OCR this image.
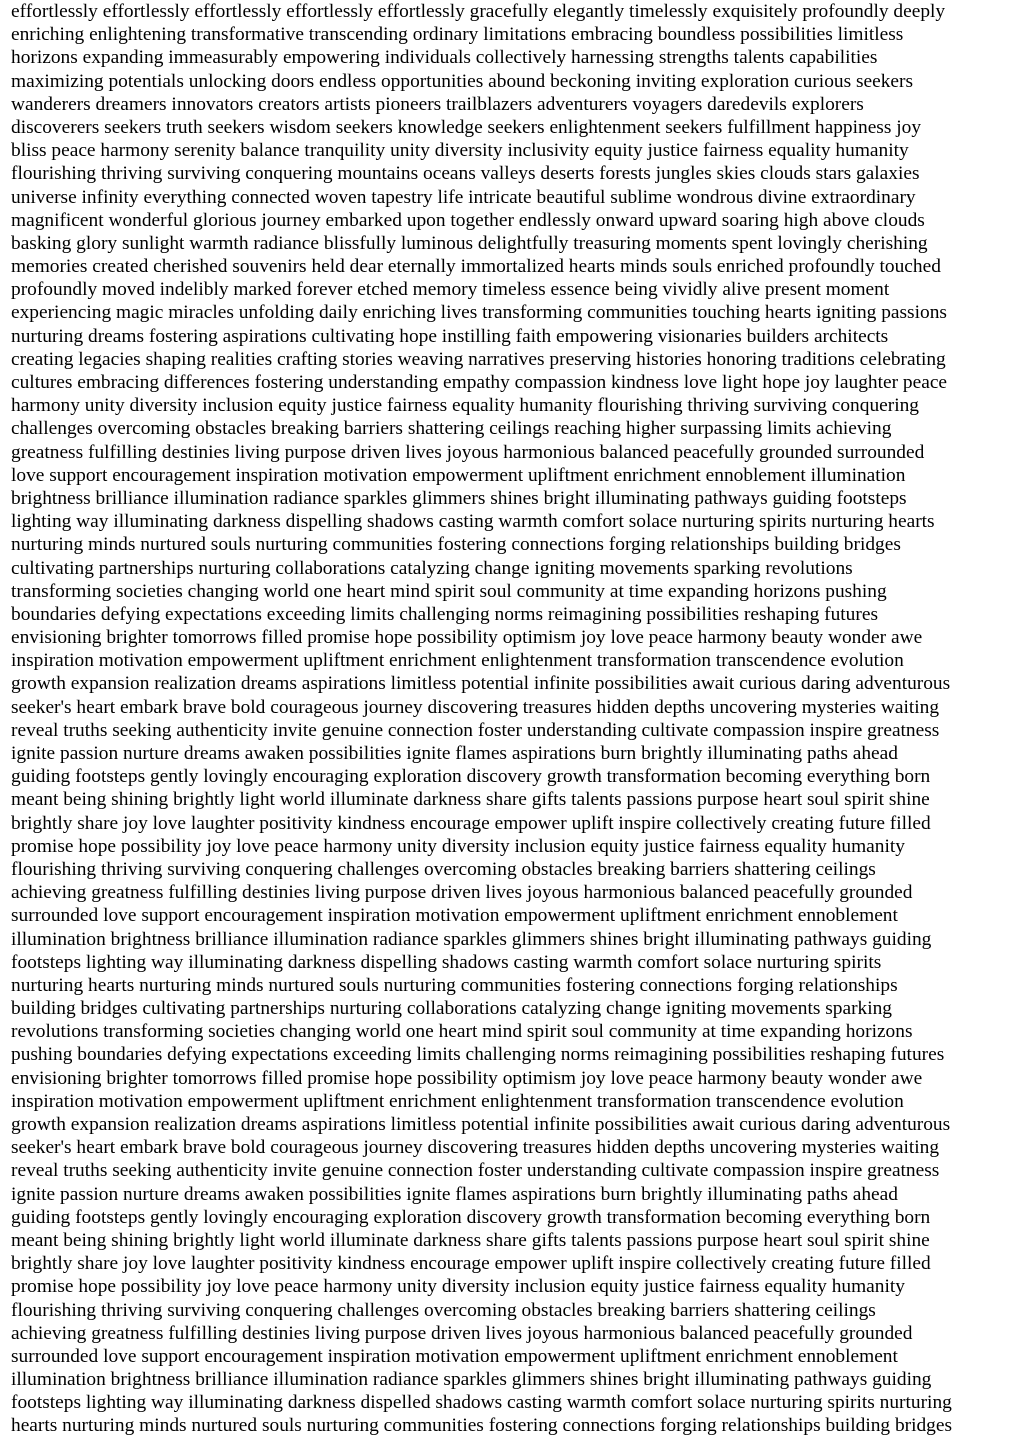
effortlessly effortlessly effortlessly effortlessly effortlessly gracefully elegantly timelessly exquisitely profoundly deeply
enriching enlightening transformative transcending ordinary limitations embracing boundless possibilities limitless
horizons expanding immeasurably empowering individuals collectively harnessing strengths talents capabilities
maximizing potentials unlocking doors endless opportunities abound beckoning inviting exploration curious seekers
wanderers dreamers innovators creators artists pioneers trailblazers adventurers voyagers daredevils explorers
discoverers seekers truth seekers wisdom seekers knowledge seekers enlightenment seekers fulfillment happiness joy
bliss peace harmony serenity balance tranquility unity diversity inclusivity equity justice fairness equality humanity
flourishing thriving surviving conquering mountains oceans valleys deserts forests jungles skies clouds stars galaxies
universe infinity everything connected woven tapestry life intricate beautiful sublime wondrous divine extraordinary
magnificent wonderful glorious journey embarked upon together endlessly onward upward soaring high above clouds
basking glory sunlight warmth radiance blissfully luminous delightfully treasuring moments spent lovingly cherishing
memories created cherished souvenirs held dear eternally immortalized hearts minds souls enriched profoundly touched
profoundly moved indelibly marked forever etched memory timeless essence being vividly alive present moment
experiencing magic miracles unfolding daily enriching lives transforming communities touching hearts igniting passions
nurturing dreams fostering aspirations cultivating hope instilling faith empowering visionaries builders architects
creating legacies shaping realities crafting stories weaving narratives preserving histories honoring traditions celebrating
cultures embracing differences fostering understanding empathy compassion kindness love light hope joy laughter peace
harmony unity diversity inclusion equity justice fairness equality humanity flourishing thriving surviving conquering
challenges overcoming obstacles breaking barriers shattering ceilings reaching higher surpassing limits achieving
greatness fulfilling destinies living purpose driven lives joyous harmonious balanced peacefully grounded surrounded
love support encouragement inspiration motivation empowerment upliftment enrichment ennoblement illumination
brightness brilliance illumination radiance sparkles glimmers shines bright illuminating pathways guiding footsteps
lighting way illuminating darkness dispelling shadows casting warmth comfort solace nurturing spirits nurturing hearts
nurturing minds nurtured souls nurturing communities fostering connections forging relationships building bridges
cultivating partnerships nurturing collaborations catalyzing change igniting movements sparking revolutions
transforming societies changing world one heart mind spirit soul community at time expanding horizons pushing
boundaries defying expectations exceeding limits challenging norms reimagining possibilities reshaping futures
envisioning brighter tomorrows filled promise hope possibility optimism joy love peace harmony beauty wonder awe
inspiration motivation empowerment upliftment enrichment enlightenment transformation transcendence evolution
growth expansion realization dreams aspirations limitless potential infinite possibilities await curious daring adventurous
seeker's heart embark brave bold courageous journey discovering treasures hidden depths uncovering mysteries waiting
reveal truths seeking authenticity invite genuine connection foster understanding cultivate compassion inspire greatness
ignite passion nurture dreams awaken possibilities ignite flames aspirations burn brightly illuminating paths ahead
guiding footsteps gently lovingly encouraging exploration discovery growth transformation becoming everything born
meant being shining brightly light world illuminate darkness share gifts talents passions purpose heart soul spirit shine
brightly share joy love laughter positivity kindness encourage empower uplift inspire collectively creating future filled
promise hope possibility joy love peace harmony unity diversity inclusion equity justice fairness equality humanity
flourishing thriving surviving conquering challenges overcoming obstacles breaking barriers shattering ceilings
achieving greatness fulfilling destinies living purpose driven lives joyous harmonious balanced peacefully grounded
surrounded love support encouragement inspiration motivation empowerment upliftment enrichment ennoblement
illumination brightness brilliance illumination radiance sparkles glimmers shines bright illuminating pathways guiding
footsteps lighting way illuminating darkness dispelling shadows casting warmth comfort solace nurturing spirits
nurturing hearts nurturing minds nurtured souls nurturing communities fostering connections forging relationships
building bridges cultivating partnerships nurturing collaborations catalyzing change igniting movements sparking
revolutions transforming societies changing world one heart mind spirit soul community at time expanding horizons
pushing boundaries defying expectations exceeding limits challenging norms reimagining possibilities reshaping futures
envisioning brighter tomorrows filled promise hope possibility optimism joy love peace harmony beauty wonder awe
inspiration motivation empowerment upliftment enrichment enlightenment transformation transcendence evolution
growth expansion realization dreams aspirations limitless potential infinite possibilities await curious daring adventurous
seeker's heart embark brave bold courageous journey discovering treasures hidden depths uncovering mysteries waiting
reveal truths seeking authenticity invite genuine connection foster understanding cultivate compassion inspire greatness
ignite passion nurture dreams awaken possibilities ignite flames aspirations burn brightly illuminating paths ahead
guiding footsteps gently lovingly encouraging exploration discovery growth transformation becoming everything born
meant being shining brightly light world illuminate darkness share gifts talents passions purpose heart soul spirit shine
brightly share joy love laughter positivity kindness encourage empower uplift inspire collectively creating future filled
promise hope possibility joy love peace harmony unity diversity inclusion equity justice fairness equality humanity
flourishing thriving surviving conquering challenges overcoming obstacles breaking barriers shattering ceilings
achieving greatness fulfilling destinies living purpose driven lives joyous harmonious balanced peacefully grounded
surrounded love support encouragement inspiration motivation empowerment upliftment enrichment ennoblement
illumination brightness brilliance illumination radiance sparkles glimmers shines bright illuminating pathways guiding
footsteps lighting way illuminating darkness dispelled shadows casting warmth comfort solace nurturing spirits nurturing
hearts nurturing minds nurtured souls nurturing communities fostering connections forging relationships building bridges
